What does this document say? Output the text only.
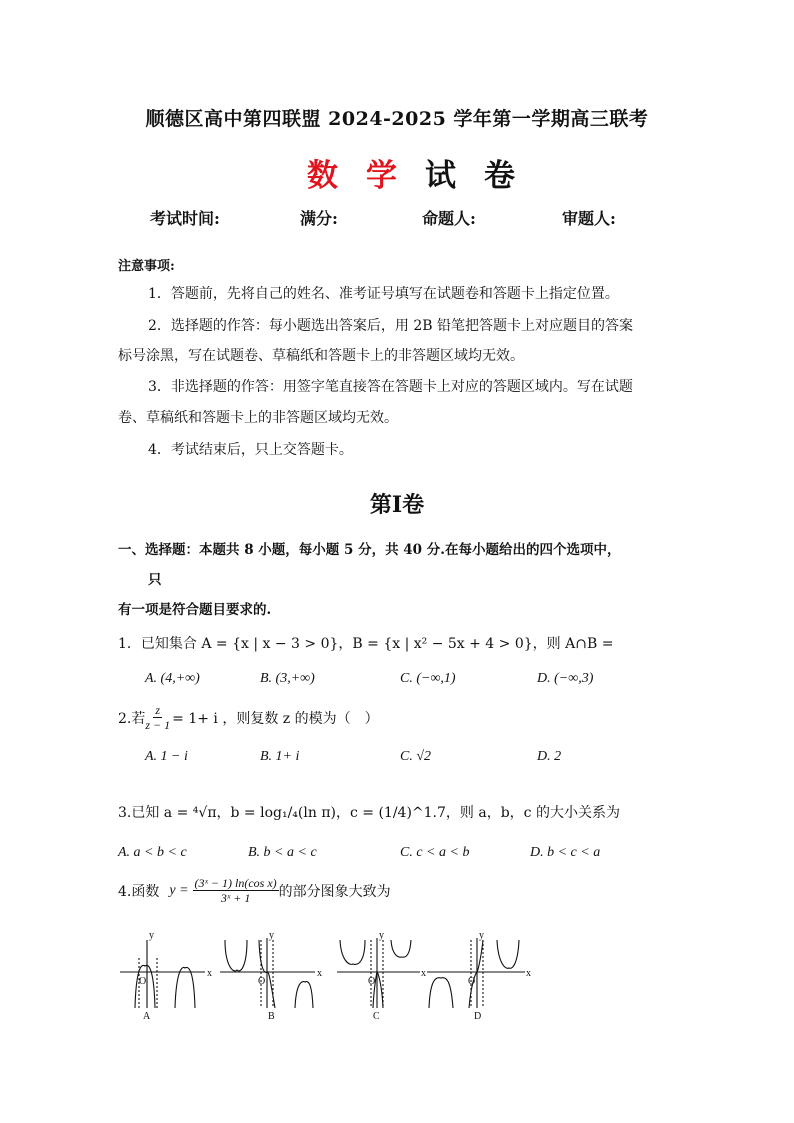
顺德区高中第四联盟 2024-2025 学年第一学期高三联考
数学试卷
考试时间:	满分:	命题人:	审题人:
注意事项:
1．答题前，先将自己的姓名、准考证号填写在试题卷和答题卡上指定位置。
2．选择题的作答：每小题选出答案后，用 2B 铅笔把答题卡上对应题目的答案
标号涂黑，写在试题卷、草稿纸和答题卡上的非答题区域均无效。
3．非选择题的作答：用签字笔直接答在答题卡上对应的答题区域内。写在试题
卷、草稿纸和答题卡上的非答题区域均无效。
4．考试结束后，只上交答题卡。
第Ⅰ卷
一、选择题：本题共 8 小题，每小题 5 分，共 40 分.在每小题给出的四个选项中，
只
有一项是符合题目要求的.
1．已知集合 A = {x | x − 3 > 0}，B = {x | x² − 5x + 4 > 0}，则 A∩B =
A. (4,+∞)	B. (3,+∞)	C. (−∞,1)	D. (−∞,3)
2.若 $\frac{z}{z - 1} = 1+ i$ ，则复数 z 的模为（　）
A. 1 − i	B. 1+ i	C. √2	D. 2
3.已知 a = ⁴√π，b = log₁/₄(ln π)，c = (1/4)^1.7，则 a，b，c 的大小关系为
A. a < b < c	B. b < a < c	C. c < a < b	D. b < c < a
4.函数 $y = \frac{\text{(3ˣ − 1) ln(cos x)}}{\text{3ˣ + 1}}$ 的部分图象大致为
y
x
O
y
x
O
y
x
O
y
x
O
A	B	C	D
